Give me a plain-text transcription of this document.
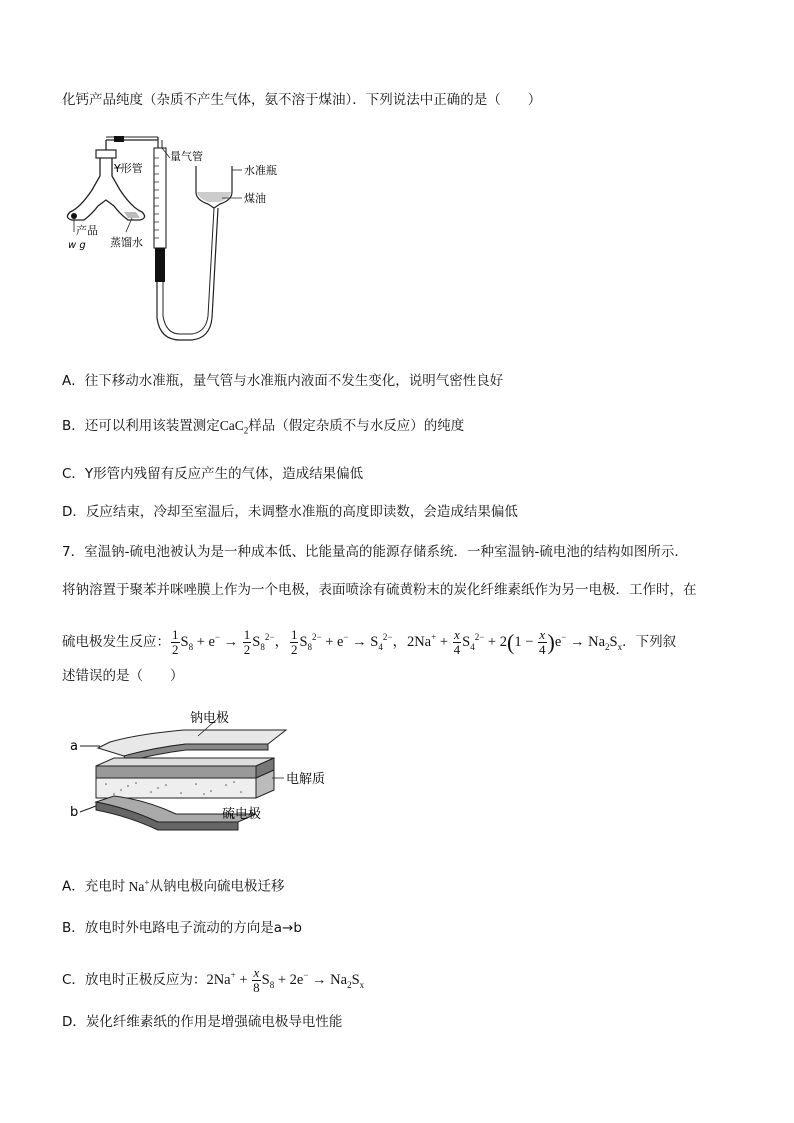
化钙产品纯度（杂质不产生气体，氨不溶于煤油）．下列说法中正确的是（　　）
Y形管
量气管
水准瓶
煤油
产品
w g 蒸馏水
A．往下移动水准瓶，量气管与水准瓶内液面不发生变化，说明气密性良好
B．还可以利用该装置测定CaC$_2$样品（假定杂质不与水反应）的纯度
C．Y形管内残留有反应产生的气体，造成结果偏低
D．反应结束，冷却至室温后，未调整水准瓶的高度即读数，会造成结果偏低
7．室温钠-硫电池被认为是一种成本低、比能量高的能源存储系统．一种室温钠-硫电池的结构如图所示．
将钠溶置于聚苯并咪唑膜上作为一个电极，表面喷涂有硫黄粉末的炭化纤维素纸作为另一电极．工作时，在
硫电极发生反应： $\frac{1}{2} S_8 + e^- \to \frac{1}{2} S_8^{2-}$， $\frac{1}{2} S_8^{2-} + e^- \to S_4^{2-}$，$2Na^+ + \frac{x}{4} S_4^{2-} + 2(1 - \frac{x}{4} )e^- \to Na_2S_x$．下列叙
述错误的是（　　）
钠电极
电解质
硫电极
a
b
A．充电时 Na+从钠电极向硫电极迁移
B．放电时外电路电子流动的方向是a→b
C．放电时正极反应为：$2Na^+ + \frac{x}{8} S_8 + 2e^- \to Na_2S_x$
D．炭化纤维素纸的作用是增强硫电极导电性能
